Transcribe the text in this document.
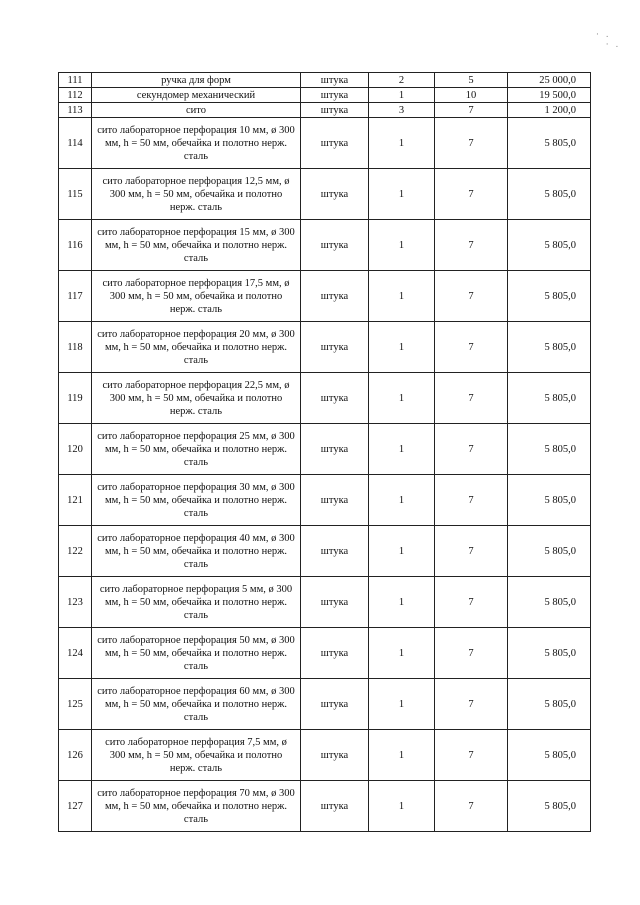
· .
· .
111	ручка для форм	штука	2	5	25 000,0
112	секундомер механический	штука	1	10	19 500,0
113	сито	штука	3	7	1 200,0
114	сито лабораторное перфорация 10 мм, ø 300 мм, h = 50 мм, обечайка и полотно нерж. сталь	штука	1	7	5 805,0
115	сито лабораторное перфорация 12,5 мм, ø 300 мм, h = 50 мм, обечайка и полотно нерж. сталь	штука	1	7	5 805,0
116	сито лабораторное перфорация 15 мм, ø 300 мм, h = 50 мм, обечайка и полотно нерж. сталь	штука	1	7	5 805,0
117	сито лабораторное перфорация 17,5 мм, ø 300 мм, h = 50 мм, обечайка и полотно нерж. сталь	штука	1	7	5 805,0
118	сито лабораторное перфорация 20 мм, ø 300 мм, h = 50 мм, обечайка и полотно нерж. сталь	штука	1	7	5 805,0
119	сито лабораторное перфорация 22,5 мм, ø 300 мм, h = 50 мм, обечайка и полотно нерж. сталь	штука	1	7	5 805,0
120	сито лабораторное перфорация 25 мм, ø 300 мм, h = 50 мм, обечайка и полотно нерж. сталь	штука	1	7	5 805,0
121	сито лабораторное перфорация 30 мм, ø 300 мм, h = 50 мм, обечайка и полотно нерж. сталь	штука	1	7	5 805,0
122	сито лабораторное перфорация 40 мм, ø 300 мм, h = 50 мм, обечайка и полотно нерж. сталь	штука	1	7	5 805,0
123	сито лабораторное перфорация 5 мм, ø 300 мм, h = 50 мм, обечайка и полотно нерж. сталь	штука	1	7	5 805,0
124	сито лабораторное перфорация 50 мм, ø 300 мм, h = 50 мм, обечайка и полотно нерж. сталь	штука	1	7	5 805,0
125	сито лабораторное перфорация 60 мм, ø 300 мм, h = 50 мм, обечайка и полотно нерж. сталь	штука	1	7	5 805,0
126	сито лабораторное перфорация 7,5 мм, ø 300 мм, h = 50 мм, обечайка и полотно нерж. сталь	штука	1	7	5 805,0
127	сито лабораторное перфорация 70 мм, ø 300 мм, h = 50 мм, обечайка и полотно нерж. сталь	штука	1	7	5 805,0
